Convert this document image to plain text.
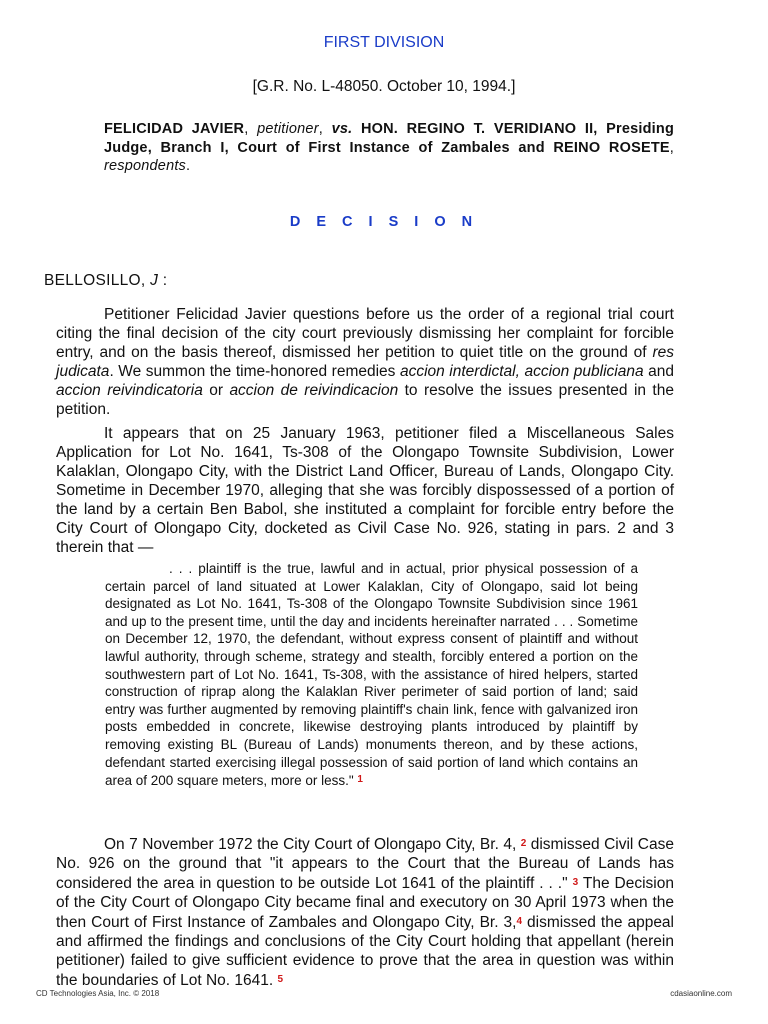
FIRST DIVISION
[G.R. No. L-48050. October 10, 1994.]
FELICIDAD JAVIER, petitioner, vs. HON. REGINO T. VERIDIANO II, Presiding Judge, Branch I, Court of First Instance of Zambales and REINO ROSETE, respondents.
D E C I S I O N
BELLOSILLO, J :

Petitioner Felicidad Javier questions before us the order of a regional trial court citing the final decision of the city court previously dismissing her complaint for forcible entry, and on the basis thereof, dismissed her petition to quiet title on the ground of res judicata. We summon the time-honored remedies accion interdictal, accion publiciana and accion reivindicatoria or accion de reivindicacion to resolve the issues presented in the petition.

It appears that on 25 January 1963, petitioner filed a Miscellaneous Sales Application for Lot No. 1641, Ts-308 of the Olongapo Townsite Subdivision, Lower Kalaklan, Olongapo City, with the District Land Officer, Bureau of Lands, Olongapo City. Sometime in December 1970, alleging that she was forcibly dispossessed of a portion of the land by a certain Ben Babol, she instituted a complaint for forcible entry before the City Court of Olongapo City, docketed as Civil Case No. 926, stating in pars. 2 and 3 therein that —

. . . plaintiff is the true, lawful and in actual, prior physical possession of a certain parcel of land situated at Lower Kalaklan, City of Olongapo, said lot being designated as Lot No. 1641, Ts-308 of the Olongapo Townsite Subdivision since 1961 and up to the present time, until the day and incidents hereinafter narrated . . . Sometime on December 12, 1970, the defendant, without express consent of plaintiff and without lawful authority, through scheme, strategy and stealth, forcibly entered a portion on the southwestern part of Lot No. 1641, Ts-308, with the assistance of hired helpers, started construction of riprap along the Kalaklan River perimeter of said portion of land; said entry was further augmented by removing plaintiff's chain link, fence with galvanized iron posts embedded in concrete, likewise destroying plants introduced by plaintiff by removing existing BL (Bureau of Lands) monuments thereon, and by these actions, defendant started exercising illegal possession of said portion of land which contains an area of 200 square meters, more or less." $^1$

On 7 November 1972 the City Court of Olongapo City, Br. 4, $^2$ dismissed Civil Case No. 926 on the ground that "it appears to the Court that the Bureau of Lands has considered the area in question to be outside Lot 1641 of the plaintiff . . ." $^3$ The Decision of the City Court of Olongapo City became final and executory on 30 April 1973 when the then Court of First Instance of Zambales and Olongapo City, Br. 3,$^4$ dismissed the appeal and affirmed the findings and conclusions of the City Court holding that appellant (herein petitioner) failed to give sufficient evidence to prove that the area in question was within the boundaries of Lot No. 1641. $^5$

CD Technologies Asia, Inc. © 2018	cdasiaonline.com
